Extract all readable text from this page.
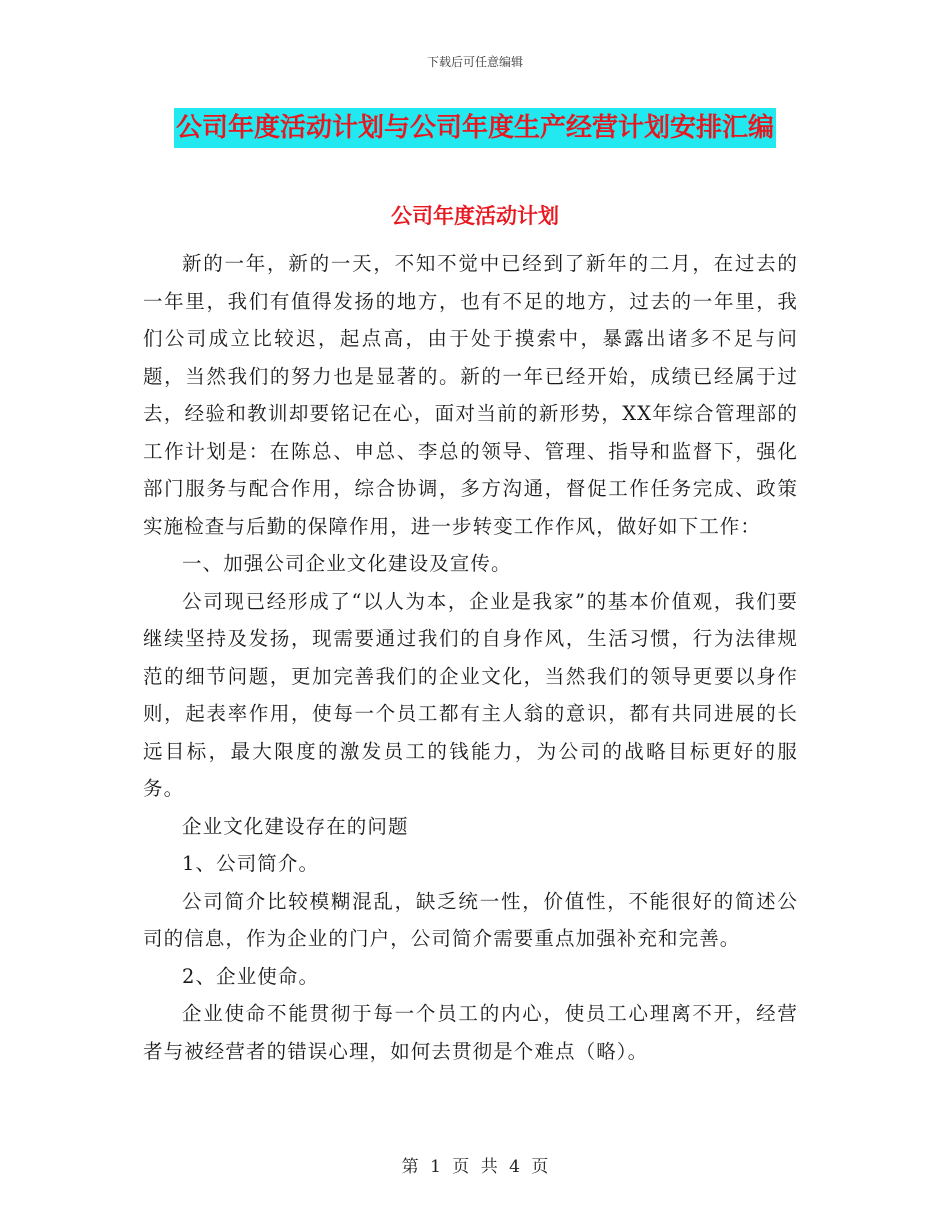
下载后可任意编辑
公司年度活动计划与公司年度生产经营计划安排汇编
公司年度活动计划

新的一年，新的一天，不知不觉中已经到了新年的二月，在过去的一年里，我们有值得发扬的地方，也有不足的地方，过去的一年里，我们公司成立比较迟，起点高，由于处于摸索中，暴露出诸多不足与问题，当然我们的努力也是显著的。新的一年已经开始，成绩已经属于过去，经验和教训却要铭记在心，面对当前的新形势，XX年综合管理部的工作计划是：在陈总、申总、李总的领导、管理、指导和监督下，强化部门服务与配合作用，综合协调，多方沟通，督促工作任务完成、政策实施检查与后勤的保障作用，进一步转变工作作风，做好如下工作：

一、加强公司企业文化建设及宣传。

公司现已经形成了“以人为本，企业是我家”的基本价值观，我们要继续坚持及发扬，现需要通过我们的自身作风，生活习惯，行为法律规范的细节问题，更加完善我们的企业文化，当然我们的领导更要以身作则，起表率作用，使每一个员工都有主人翁的意识，都有共同进展的长远目标，最大限度的激发员工的钱能力，为公司的战略目标更好的服务。

企业文化建设存在的问题

1、公司简介。

公司简介比较模糊混乱，缺乏统一性，价值性，不能很好的简述公司的信息，作为企业的门户，公司简介需要重点加强补充和完善。

2、企业使命。

企业使命不能贯彻于每一个员工的内心，使员工心理离不开，经营者与被经营者的错误心理，如何去贯彻是个难点（略）。

第 1 页 共 4 页
